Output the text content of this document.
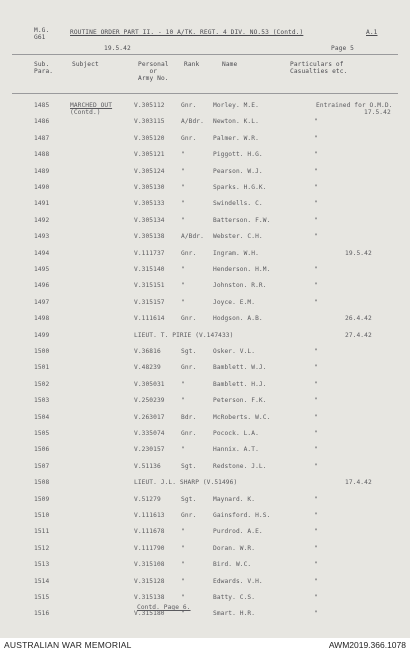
M.G.
G61
ROUTINE ORDER PART II. - 10 A/TK. REGT. 4 DIV. NO.53 (Contd.)	A.1
19.5.42	Page 5
Sub.
Para.
Subject	Personal
or
Army No.
Rank	Name	Particulars of
Casualties etc.
1485	MARCHED OUT
(Contd.)
V.305112	Gnr.	Morley. M.E.	Entrained for O.M.D.
17.5.42
1486	V.303115	A/Bdr. Newton. K.L.	"
1487	V.305120	Gnr.	Palmer. W.R.	"
1488	V.305121	"	Piggott. H.G.	"
1489	V.305124	"	Pearson. W.J.	"
1490	V.305130	"	Sparks. H.G.K.	"
1491	V.305133	"	Swindells. C.	"
1492	V.305134	"	Batterson. F.W.	"
1493	V.305138	A/Bdr. Webster. C.H.	"
1494	V.111737	Gnr.	Ingram. W.H.	19.5.42
1495	V.315140	"	Henderson. H.M.	"
1496	V.315151	"	Johnston. R.R.	"
1497	V.315157	"	Joyce. E.M.	"
1498	V.111614	Gnr.	Hodgson. A.B.	26.4.42
1499	LIEUT. T. PIRIE (V.147433)	27.4.42
1500	V.36816	Sgt.	Osker. V.L.	"
1501	V.48239	Gnr.	Bamblett. W.J.	"
1502	V.305031	"	Bamblett. H.J.	"
1503	V.250239	"	Peterson. F.K.	"
1504	V.263017	Bdr.	McRoberts. W.C.	"
1505	V.335074	Gnr.	Pocock. L.A.	"
1506	V.230157	"	Hannix. A.T.	"
1507	V.51136	Sgt.	Redstone. J.L.	"
1508	LIEUT. J.L. SHARP (V.51496)	17.4.42
1509	V.51279	Sgt.	Maynard. K.	"
1510	V.111613	Gnr.	Gainsford. H.S.	"
1511	V.111678	"	Purdrod. A.E.	"
1512	V.111790	"	Doran. W.R.	"
1513	V.315108	"	Bird. W.C.	"
1514	V.315128	"	Edwards. V.H.	"
1515	V.315138	"	Batty. C.S.	"
1516	V.315180	"	Smart. H.R.	"
Contd. Page 6.
AUSTRALIAN WAR MEMORIAL	AWM2019.366.1078
